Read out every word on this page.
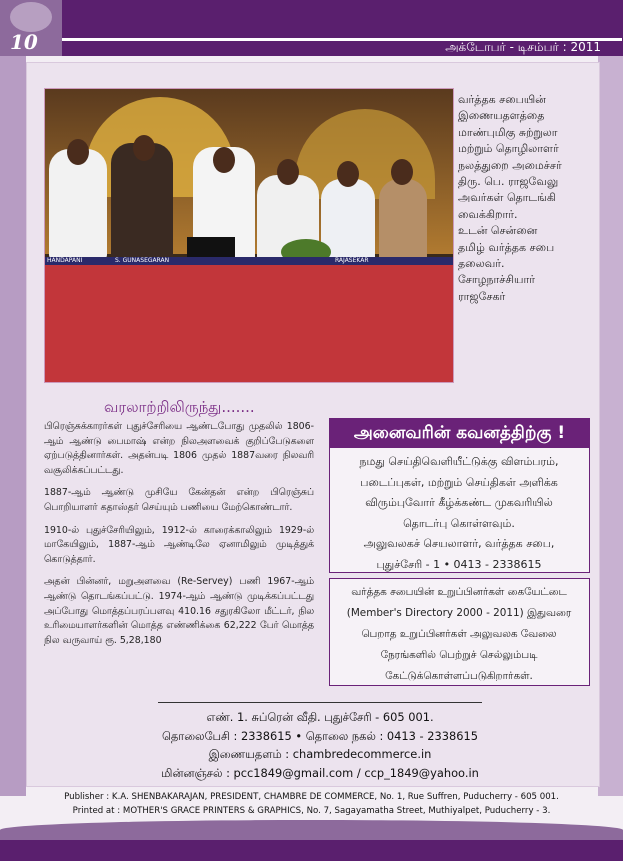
10	அக்டோபர் - டிசம்பர் : 2011
HANDAPANI	S. GUNASEGARAN	RAJASEKAR
வர்த்தக சபையின்
இணையதளத்தை
மாண்புமிகு சுற்றுலா
மற்றும் தொழிலாளர்
நலத்துறை அமைச்சர்
திரு. பெ. ராஜவேலு
அவர்கள் தொடங்கி
வைக்கிறார்.
உடன் சென்னை
தமிழ் வர்த்தக சபை
தலைவர்.
சோழநாச்சியார்
ராஜசேகர்
வரலாற்றிலிருந்து.......

பிரெஞ்சுக்காரர்கள் புதுச்சேரியை ஆண்டபோது முதலில் 1806-ஆம் ஆண்டு பைமாஷ் என்ற நிலஅளவைக் குறிப்பேடுகளை ஏற்படுத்தினார்கள். அதன்படி 1806 முதல் 1887வரை நிலவரி வசூலிக்கப்பட்டது.

1887-ஆம் ஆண்டு முசியே கேன்தன் என்ற பிரெஞ்சுப் பொறியாளர் கதாஸ்தர் செய்யும் பணியை மேற்கொண்டார்.

1910-ல் புதுச்சேரியிலும், 1912-ல் காரைக்காலிலும் 1929-ல் மாகேயிலும், 1887-ஆம் ஆண்டிலே ஏனாமிலும் முடித்துக் கொடுத்தார்.

அதன் பின்னர், மறுஅளவை (Re-Servey) பணி 1967-ஆம் ஆண்டு தொடங்கப்பட்டு. 1974-ஆம் ஆண்டு முடிக்கப்பட்டது அப்போது மொத்தப்பரப்பளவு 410.16 சதுரகிலோ மீட்டர், நில உரிமையாளர்களின் மொத்த எண்ணிக்கை 62,222 பேர் மொத்த நில வருவாய் ரூ. 5,28,180

அனைவரின் கவனத்திற்கு !
நமது செய்திவெளியீட்டுக்கு விளம்பரம்,
படைப்புகள், மற்றும் செய்திகள் அளிக்க
விரும்புவோர் கீழ்க்கண்ட முகவரியில்
தொடர்பு கொள்ளவும்.
அலுவலகச் செயலாளர், வர்த்தக சபை,
புதுச்சேரி - 1 • 0413 - 2338615
வர்த்தக சபையின் உறுப்பினர்கள் கையேட்டை
(Member's Directory 2000 - 2011) இதுவரை
பெறாத உறுப்பினர்கள் அலுவலக வேலை
நேரங்களில் பெற்றுச் செல்லும்படி
கேட்டுக்கொள்ளப்படுகிறார்கள்.
எண். 1. சுப்ரென் வீதி. புதுச்சேரி - 605 001.
தொலைபேசி : 2338615 • தொலை நகல் : 0413 - 2338615
இணையதளம் : chambredecommerce.in
மின்னஞ்சல் : pcc1849@gmail.com / ccp_1849@yahoo.in
Publisher : K.A. SHENBAKARAJAN, PRESIDENT, CHAMBRE DE COMMERCE, No. 1, Rue Suffren, Puducherry - 605 001.
Printed at : MOTHER'S GRACE PRINTERS & GRAPHICS, No. 7, Sagayamatha Street, Muthiyalpet, Puducherry - 3.
